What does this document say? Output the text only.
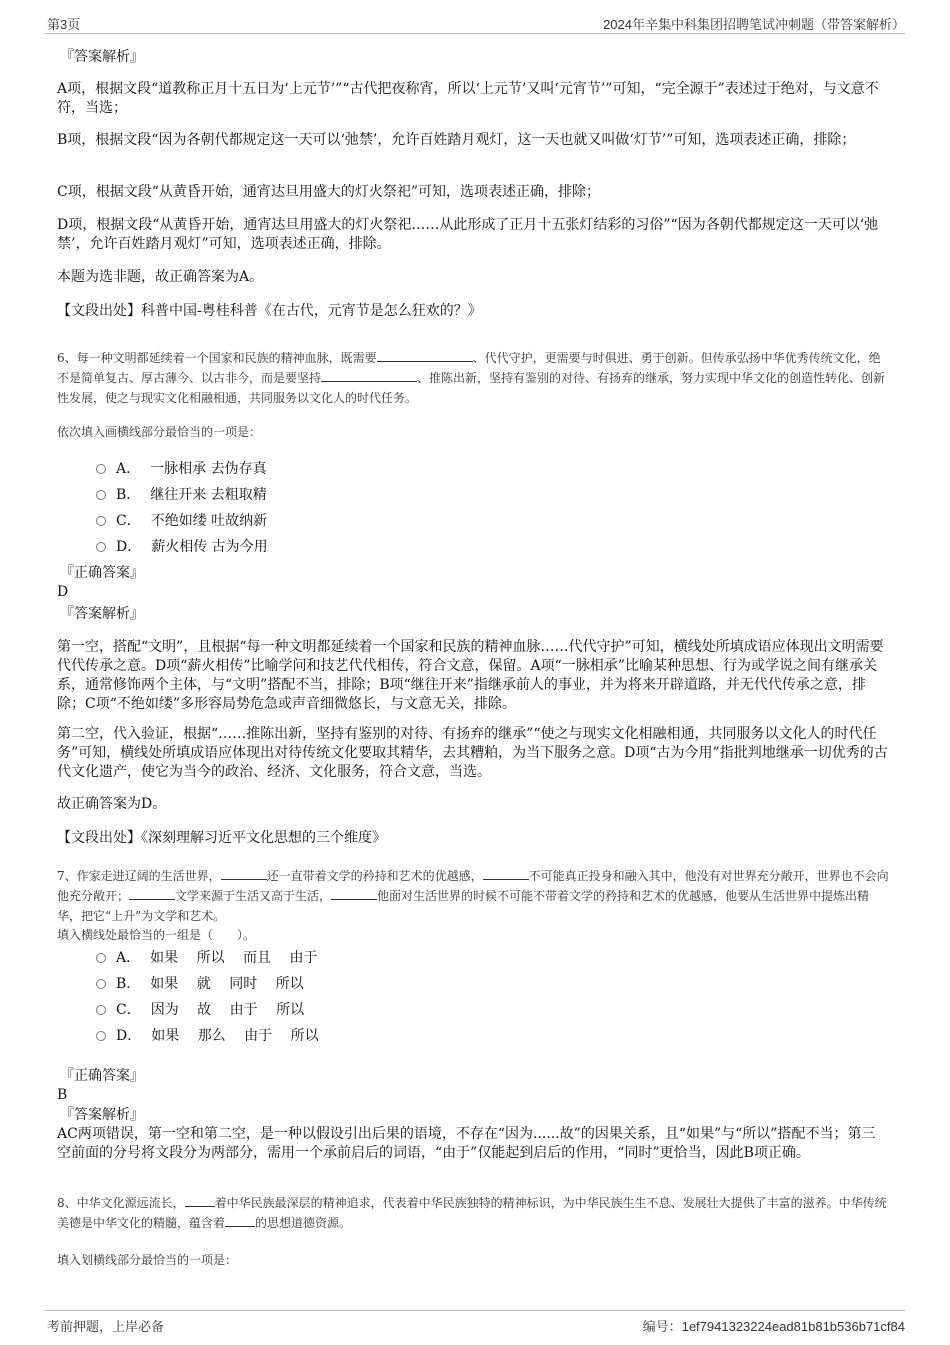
第3页	2024年辛集中科集团招聘笔试冲刺题（带答案解析）
『答案解析』

A项，根据文段“道教称正月十五日为‘上元节’”“古代把夜称宵，所以‘上元节’又叫‘元宵节’”可知，“完全源于”表述过于绝对，与文意不符，当选；

B项，根据文段“因为各朝代都规定这一天可以‘弛禁’，允许百姓踏月观灯，这一天也就又叫做‘灯节’”可知，选项表述正确，排除；

C项，根据文段“从黄昏开始，通宵达旦用盛大的灯火祭祀”可知，选项表述正确，排除；

D项，根据文段“从黄昏开始，通宵达旦用盛大的灯火祭祀……从此形成了正月十五张灯结彩的习俗”“因为各朝代都规定这一天可以‘弛禁’，允许百姓踏月观灯”可知，选项表述正确，排除。

本题为选非题，故正确答案为A。

【文段出处】科普中国-粤桂科普《在古代，元宵节是怎么狂欢的？》

6、每一种文明都延续着一个国家和民族的精神血脉，既需要	、代代守护，更需要与时俱进、勇于创新。但传承弘扬中华优秀传统文化，绝不是简单复古、厚古薄今、以古非今，而是要坚持	、推陈出新，坚持有鉴别的对待、有扬弃的继承，努力实现中华文化的创造性转化、创新性发展，使之与现实文化相融相通，共同服务以文化人的时代任务。

依次填入画横线部分最恰当的一项是：

A． 一脉相承 去伪存真
B． 继往开来 去粗取精
C． 不绝如缕 吐故纳新
D． 薪火相传 古为今用
『正确答案』
D
『答案解析』

第一空，搭配“文明”，且根据“每一种文明都延续着一个国家和民族的精神血脉……代代守护”可知，横线处所填成语应体现出文明需要代代传承之意。D项“薪火相传”比喻学问和技艺代代相传，符合文意，保留。A项“一脉相承”比喻某种思想、行为或学说之间有继承关系，通常修饰两个主体，与“文明”搭配不当，排除；B项“继往开来”指继承前人的事业，并为将来开辟道路，并无代代传承之意，排除；C项“不绝如缕”多形容局势危急或声音细微悠长，与文意无关，排除。

第二空，代入验证，根据“……推陈出新，坚持有鉴别的对待、有扬弃的继承”“使之与现实文化相融相通，共同服务以文化人的时代任务”可知，横线处所填成语应体现出对待传统文化要取其精华，去其糟粕，为当下服务之意。D项“古为今用”指批判地继承一切优秀的古代文化遗产，使它为当今的政治、经济、文化服务，符合文意，当选。

故正确答案为D。

【文段出处】《深刻理解习近平文化思想的三个维度》

7、作家走进辽阔的生活世界，	还一直带着文学的矜持和艺术的优越感，	不可能真正投身和融入其中，他没有对世界充分敞开，世界也不会向他充分敞开；	文学来源于生活又高于生活，	他面对生活世界的时候不可能不带着文学的矜持和艺术的优越感，他要从生活世界中提炼出精华，把它“上升”为文学和艺术。

填入横线处最恰当的一组是（　　）。

A． 如果　 所以　 而且　 由于
B． 如果　 就　 同时　 所以
C． 因为　 故　 由于　 所以
D． 如果　 那么　 由于　 所以
『正确答案』
B
『答案解析』

AC两项错误，第一空和第二空，是一种以假设引出后果的语境，不存在“因为......故”的因果关系，且“如果”与“所以”搭配不当；第三空前面的分号将文段分为两部分，需用一个承前启后的词语，“由于”仅能起到启后的作用，“同时”更恰当，因此B项正确。

8、中华文化源远流长，	着中华民族最深层的精神追求，代表着中华民族独特的精神标识，为中华民族生生不息、发展壮大提供了丰富的滋养。中华传统美德是中华文化的精髓，蕴含着	的思想道德资源。

填入划横线部分最恰当的一项是：

考前押题，上岸必备	编号：1ef7941323224ead81b81b536b71cf84
